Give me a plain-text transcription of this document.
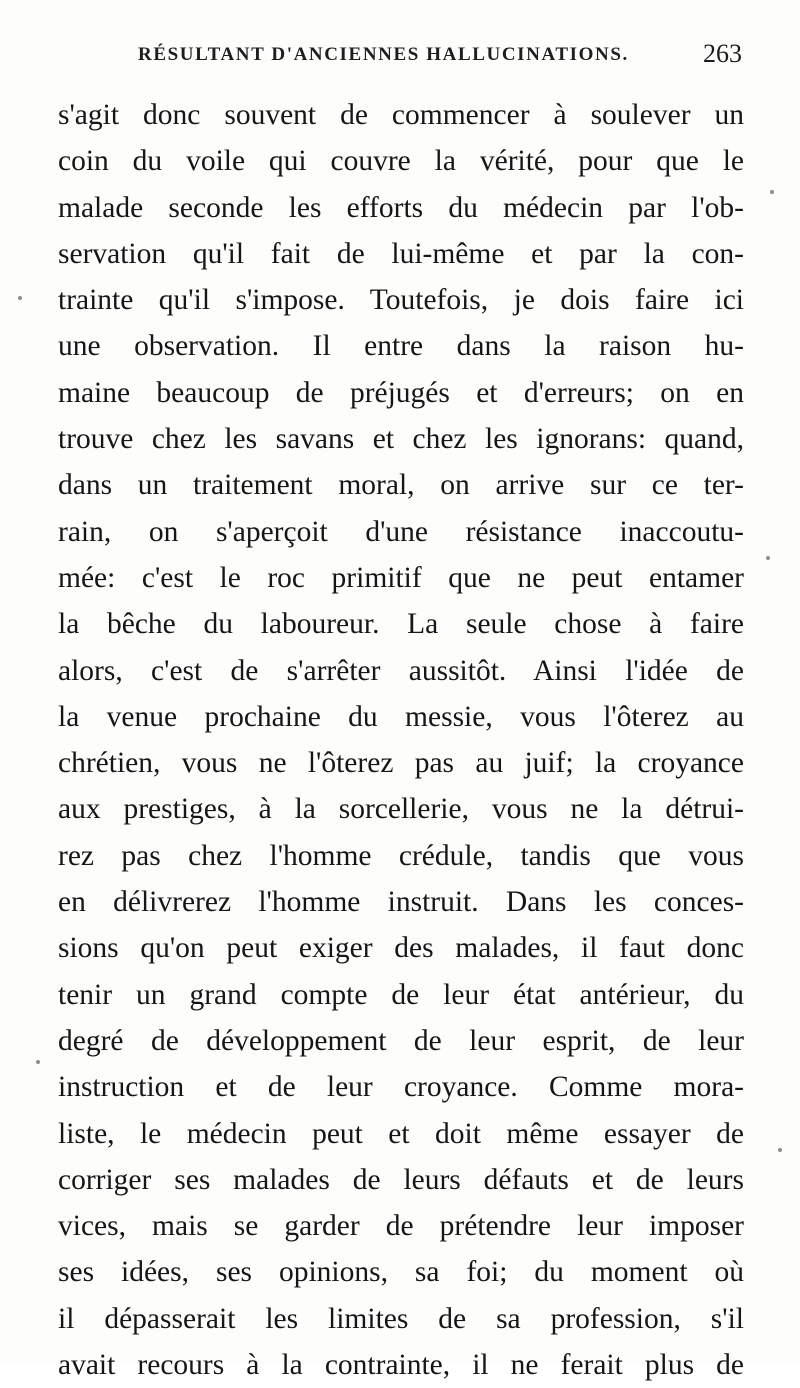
RÉSULTANT D'ANCIENNES HALLUCINATIONS.	263
s'agit donc souvent de commencer à soulever un
coin du voile qui couvre la vérité, pour que le
malade seconde les efforts du médecin par l'ob-
servation qu'il fait de lui-même et par la con-
trainte qu'il s'impose. Toutefois, je dois faire ici
une observation. Il entre dans la raison hu-
maine beaucoup de préjugés et d'erreurs; on en
trouve chez les savans et chez les ignorans: quand,
dans un traitement moral, on arrive sur ce ter-
rain, on s'aperçoit d'une résistance inaccoutu-
mée: c'est le roc primitif que ne peut entamer
la bêche du laboureur. La seule chose à faire
alors, c'est de s'arrêter aussitôt. Ainsi l'idée de
la venue prochaine du messie, vous l'ôterez au
chrétien, vous ne l'ôterez pas au juif; la croyance
aux prestiges, à la sorcellerie, vous ne la détrui-
rez pas chez l'homme crédule, tandis que vous
en délivrerez l'homme instruit. Dans les conces-
sions qu'on peut exiger des malades, il faut donc
tenir un grand compte de leur état antérieur, du
degré de développement de leur esprit, de leur
instruction et de leur croyance. Comme mora-
liste, le médecin peut et doit même essayer de
corriger ses malades de leurs défauts et de leurs
vices, mais se garder de prétendre leur imposer
ses idées, ses opinions, sa foi; du moment où
il dépasserait les limites de sa profession, s'il
avait recours à la contrainte, il ne ferait plus de
